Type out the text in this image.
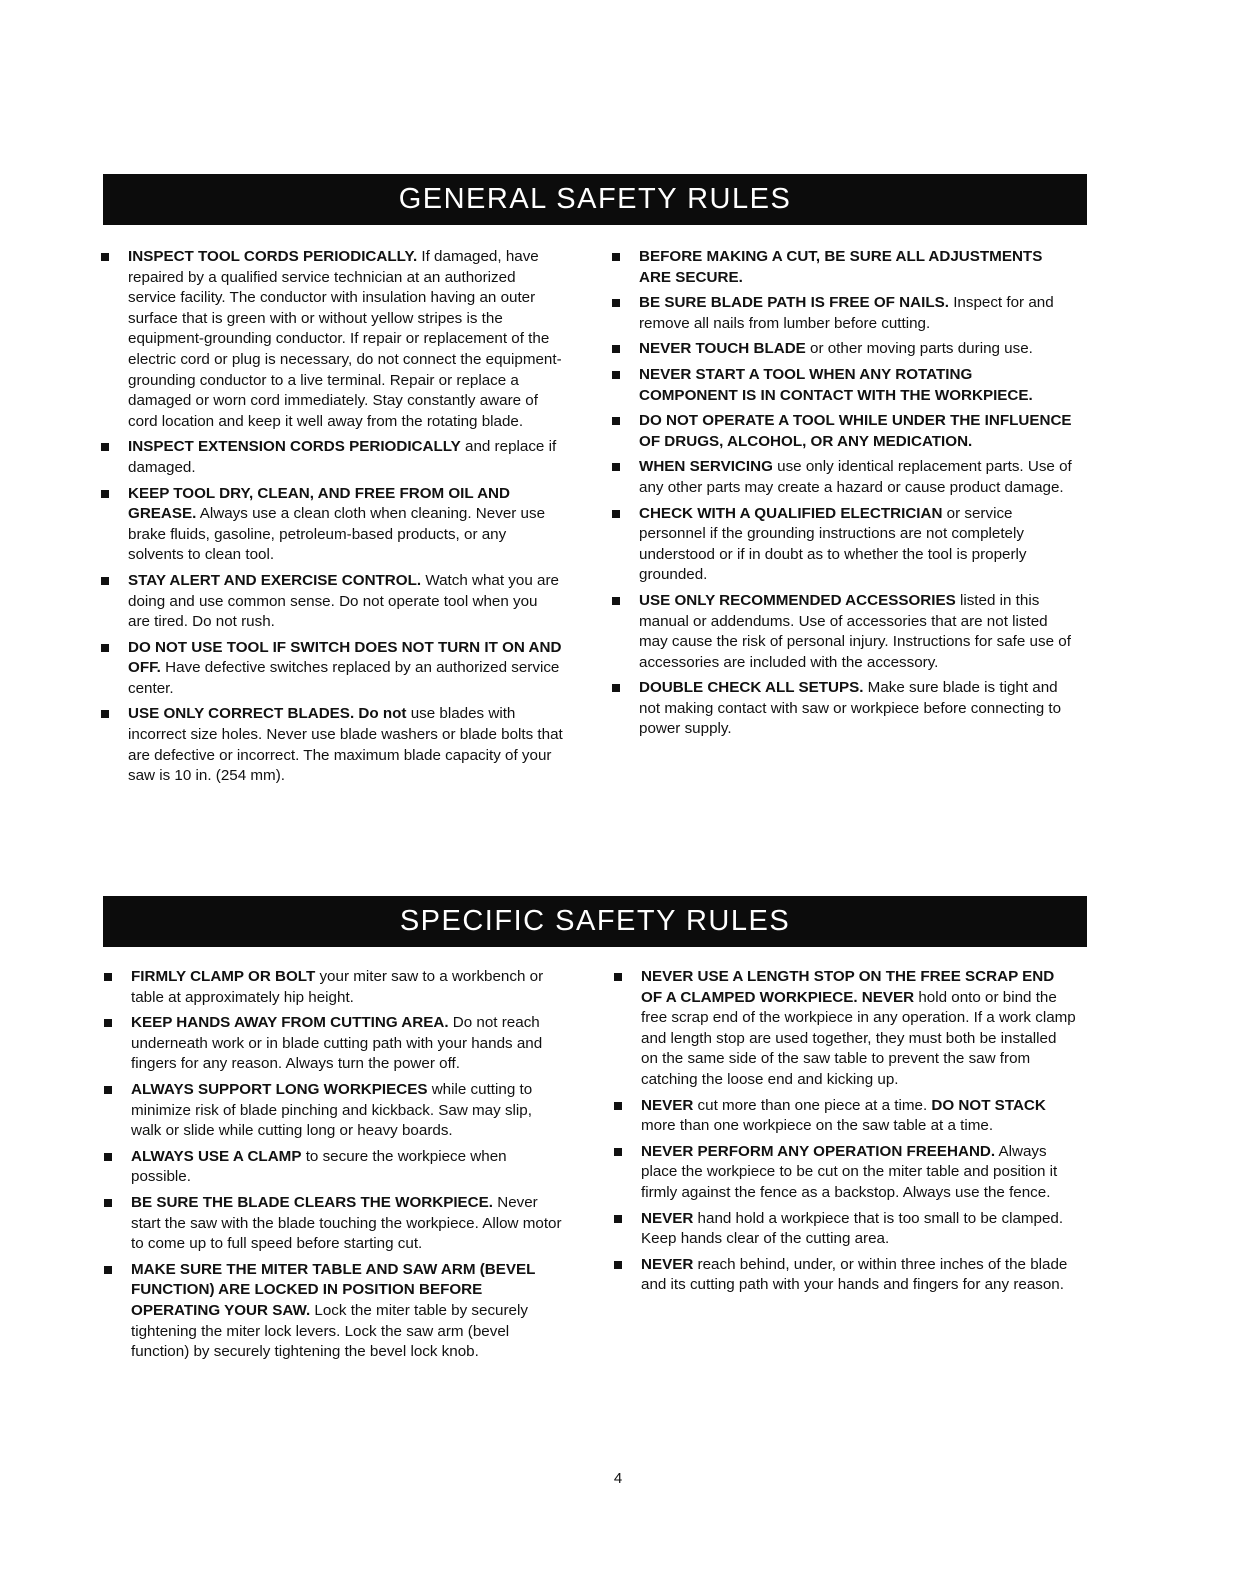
GENERAL SAFETY RULES
INSPECT TOOL CORDS PERIODICALLY. If damaged, have repaired by a qualified service technician at an authorized service facility. The conductor with insulation having an outer surface that is green with or without yellow stripes is the equipment-grounding conductor. If repair or replacement of the electric cord or plug is necessary, do not connect the equipment-grounding conductor to a live terminal. Repair or replace a damaged or worn cord immediately. Stay constantly aware of cord location and keep it well away from the rotating blade.
INSPECT EXTENSION CORDS PERIODICALLY and replace if damaged.
KEEP TOOL DRY, CLEAN, AND FREE FROM OIL AND GREASE. Always use a clean cloth when cleaning. Never use brake fluids, gasoline, petroleum-based products, or any solvents to clean tool.
STAY ALERT AND EXERCISE CONTROL. Watch what you are doing and use common sense. Do not operate tool when you are tired. Do not rush.
DO NOT USE TOOL IF SWITCH DOES NOT TURN IT ON AND OFF. Have defective switches replaced by an authorized service center.
USE ONLY CORRECT BLADES. Do not use blades with incorrect size holes. Never use blade washers or blade bolts that are defective or incorrect. The maximum blade capacity of your saw is 10 in. (254 mm).
BEFORE MAKING A CUT, BE SURE ALL ADJUSTMENTS ARE SECURE.
BE SURE BLADE PATH IS FREE OF NAILS. Inspect for and remove all nails from lumber before cutting.
NEVER TOUCH BLADE or other moving parts during use.
NEVER START A TOOL WHEN ANY ROTATING COMPONENT IS IN CONTACT WITH THE WORKPIECE.
DO NOT OPERATE A TOOL WHILE UNDER THE INFLUENCE OF DRUGS, ALCOHOL, OR ANY MEDICATION.
WHEN SERVICING use only identical replacement parts. Use of any other parts may create a hazard or cause product damage.
CHECK WITH A QUALIFIED ELECTRICIAN or service personnel if the grounding instructions are not completely understood or if in doubt as to whether the tool is properly grounded.
USE ONLY RECOMMENDED ACCESSORIES listed in this manual or addendums. Use of accessories that are not listed may cause the risk of personal injury. Instructions for safe use of accessories are included with the accessory.
DOUBLE CHECK ALL SETUPS. Make sure blade is tight and not making contact with saw or workpiece before connecting to power supply.
SPECIFIC SAFETY RULES
FIRMLY CLAMP OR BOLT your miter saw to a workbench or table at approximately hip height.
KEEP HANDS AWAY FROM CUTTING AREA. Do not reach underneath work or in blade cutting path with your hands and fingers for any reason. Always turn the power off.
ALWAYS SUPPORT LONG WORKPIECES while cutting to minimize risk of blade pinching and kickback. Saw may slip, walk or slide while cutting long or heavy boards.
ALWAYS USE A CLAMP to secure the workpiece when possible.
BE SURE THE BLADE CLEARS THE WORKPIECE. Never start the saw with the blade touching the workpiece. Allow motor to come up to full speed before starting cut.
MAKE SURE THE MITER TABLE AND SAW ARM (BEVEL FUNCTION) ARE LOCKED IN POSITION BEFORE OPERATING YOUR SAW. Lock the miter table by securely tightening the miter lock levers. Lock the saw arm (bevel function) by securely tightening the bevel lock knob.
NEVER USE A LENGTH STOP ON THE FREE SCRAP END OF A CLAMPED WORKPIECE. NEVER hold onto or bind the free scrap end of the workpiece in any operation. If a work clamp and length stop are used together, they must both be installed on the same side of the saw table to prevent the saw from catching the loose end and kicking up.
NEVER cut more than one piece at a time. DO NOT STACK more than one workpiece on the saw table at a time.
NEVER PERFORM ANY OPERATION FREEHAND. Always place the workpiece to be cut on the miter table and position it firmly against the fence as a backstop. Always use the fence.
NEVER hand hold a workpiece that is too small to be clamped. Keep hands clear of the cutting area.
NEVER reach behind, under, or within three inches of the blade and its cutting path with your hands and fingers for any reason.
4
